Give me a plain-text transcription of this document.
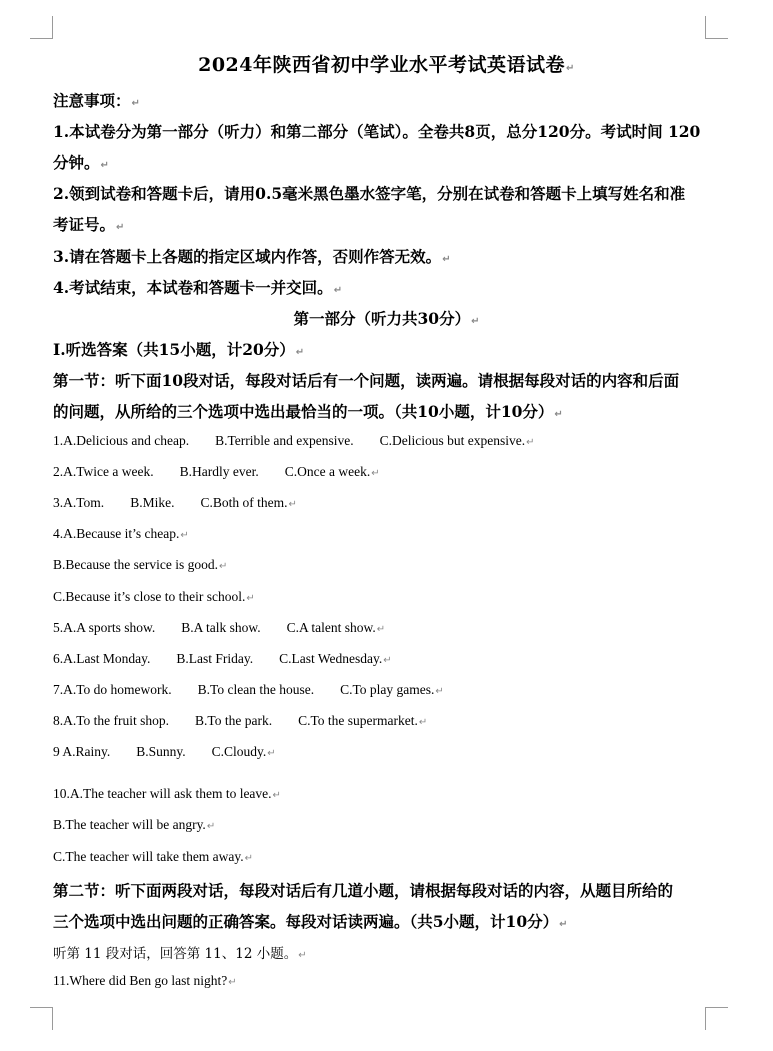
2024年陕西省初中学业水平考试英语试卷↵
注意事项：↵
1.本试卷分为第一部分（听力）和第二部分（笔试）。全卷共8页，总分120分。考试时间 120
分钟。↵
2.领到试卷和答题卡后，请用0.5毫米黑色墨水签字笔，分别在试卷和答题卡上填写姓名和准
考证号。↵
3.请在答题卡上各题的指定区域内作答，否则作答无效。↵
4.考试结束，本试卷和答题卡一并交回。↵
第一部分（听力共30分）↵
Ⅰ.听选答案（共15小题，计20分）↵
第一节：听下面10段对话，每段对话后有一个问题，读两遍。请根据每段对话的内容和后面
的问题，从所给的三个选项中选出最恰当的一项。（共10小题，计10分）↵
1.A.Delicious and cheap. B.Terrible and expensive. C.Delicious but expensive.↵
2.A.Twice a week. B.Hardly ever. C.Once a week.↵
3.A.Tom. B.Mike. C.Both of them.↵
4.A.Because it’s cheap.↵
B.Because the service is good.↵
C.Because it’s close to their school.↵
5.A.A sports show. B.A talk show. C.A talent show.↵
6.A.Last Monday. B.Last Friday. C.Last Wednesday.↵
7.A.To do homework. B.To clean the house. C.To play games.↵
8.A.To the fruit shop. B.To the park. C.To the supermarket.↵
9 A.Rainy. B.Sunny. C.Cloudy.↵
10.A.The teacher will ask them to leave.↵
B.The teacher will be angry.↵
C.The teacher will take them away.↵
第二节：听下面两段对话，每段对话后有几道小题，请根据每段对话的内容，从题目所给的
三个选项中选出问题的正确答案。每段对话读两遍。（共5小题，计10分）↵
听第 11 段对话，回答第 11、12 小题。↵
11.Where did Ben go last night?↵
